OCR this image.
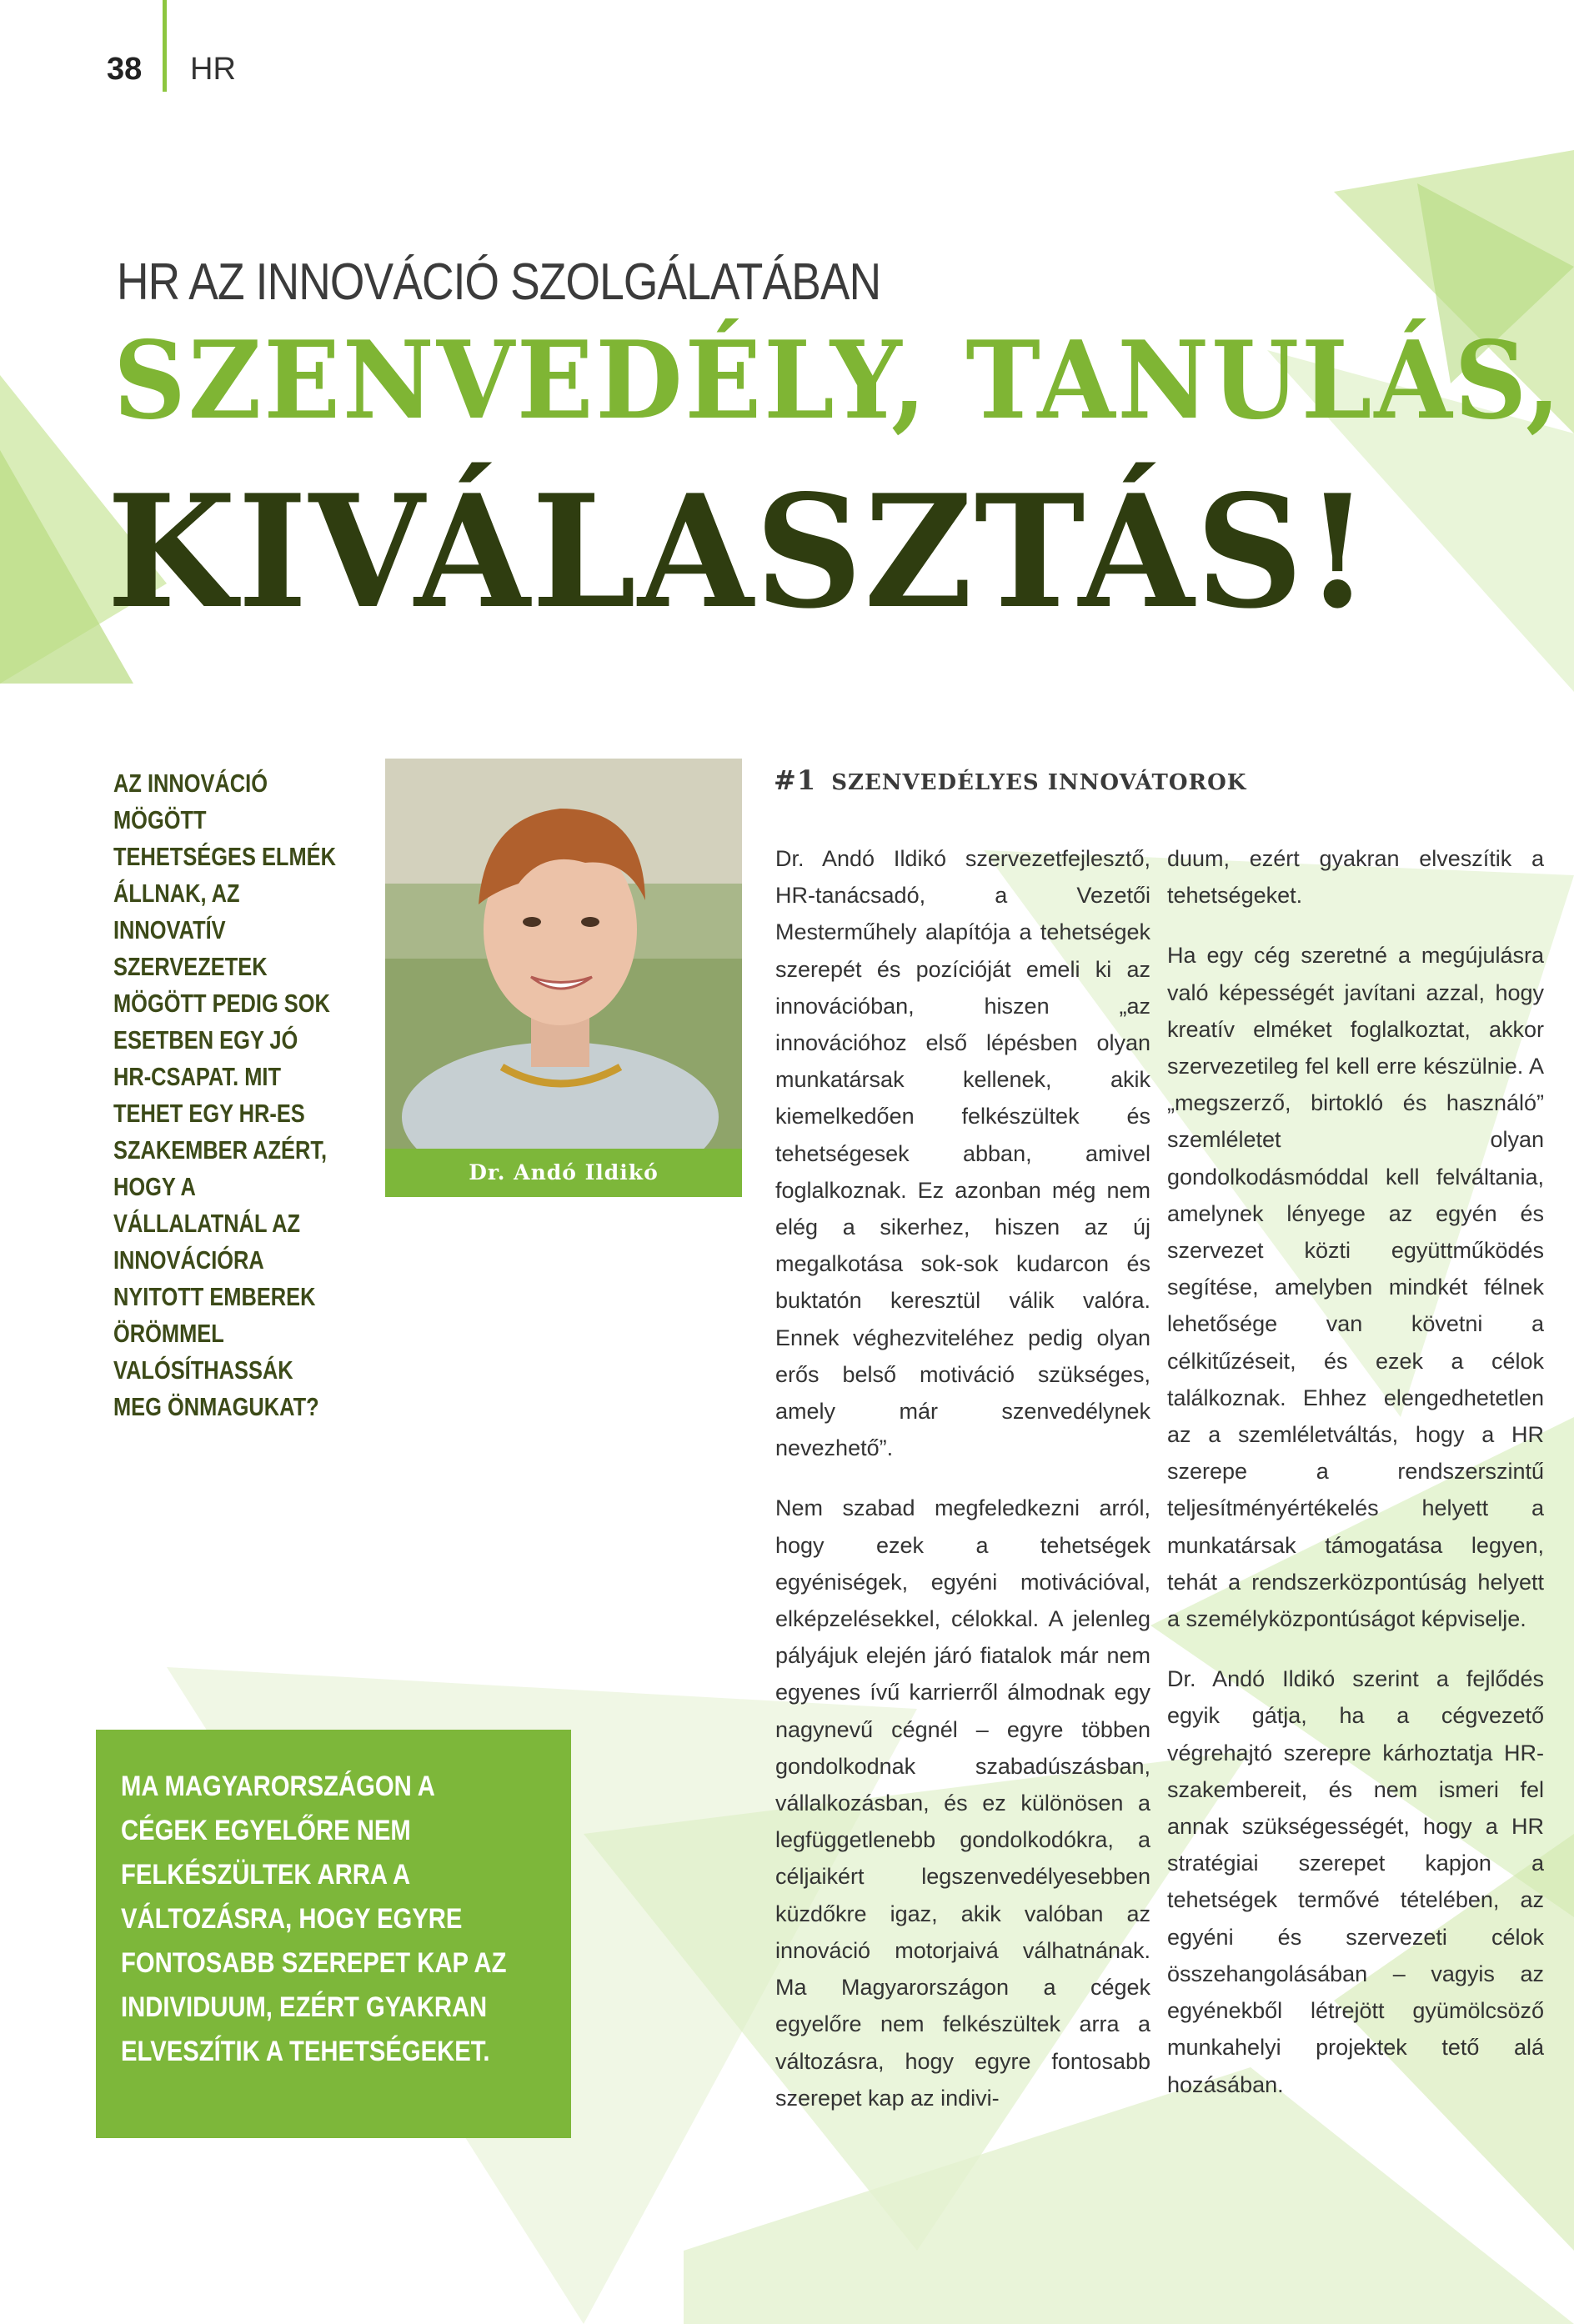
38 HR
HR AZ INNOVÁCIÓ SZOLGÁLATÁBAN
SZENVEDÉLY, TANULÁS,
KIVÁLASZTÁS!
AZ INNOVÁCIÓ MÖGÖTT TEHETSÉGES ELMÉK ÁLLNAK, AZ INNOVATÍV SZERVEZETEK MÖGÖTT PEDIG SOK ESETBEN EGY JÓ HR-CSAPAT. MIT TEHET EGY HR-ES SZAKEMBER AZÉRT, HOGY A VÁLLALATNÁL AZ INNOVÁCIÓRA NYITOTT EMBEREK ÖRÖMMEL VALÓSÍTHASSÁK MEG ÖNMAGUKAT?
Dr. Andó Ildikó
#1 SZENVEDÉLYES INNOVÁTOROK

Dr. Andó Ildikó szervezetfejlesztő, HR-tanácsadó, a Vezetői Mesterműhely alapítója a tehetségek szerepét és pozícióját emeli ki az innovációban, hiszen „az innovációhoz első lépésben olyan munkatársak kellenek, akik kiemelkedően felkészültek és tehetségesek abban, amivel foglalkoznak. Ez azonban még nem elég a sikerhez, hiszen az új megalkotása sok-sok kudarcon és buktatón keresztül válik valóra. Ennek véghezviteléhez pedig olyan erős belső motiváció szükséges, amely már szenvedélynek nevezhető”.

Nem szabad megfeledkezni arról, hogy ezek a tehetségek egyéniségek, egyéni motivációval, elképzelésekkel, célokkal. A jelenleg pályájuk elején járó fiatalok már nem egyenes ívű karrierről álmodnak egy nagynevű cégnél – egyre többen gondolkodnak szabadúszásban, vállalkozásban, és ez különösen a legfüggetlenebb gondolkodókra, a céljaikért legszenvedélyesebben küzdőkre igaz, akik valóban az innováció motorjaivá válhatnának. Ma Magyarországon a cégek egyelőre nem felkészültek arra a változásra, hogy egyre fontosabb szerepet kap az indivi-

duum, ezért gyakran elveszítik a tehetségeket.

Ha egy cég szeretné a megújulásra való képességét javítani azzal, hogy kreatív elméket foglalkoztat, akkor szervezetileg fel kell erre készülnie. A „megszerző, birtokló és használó” szemléletet olyan gondolkodásmóddal kell felváltania, amelynek lényege az egyén és szervezet közti együttműködés segítése, amelyben mindkét félnek lehetősége van követni a célkitűzéseit, és ezek a célok találkoznak. Ehhez elengedhetetlen az a szemléletváltás, hogy a HR szerepe a rendszerszintű teljesítményértékelés helyett a munkatársak támogatása legyen, tehát a rendszerközpontúság helyett a személyközpontúságot képviselje.

Dr. Andó Ildikó szerint a fejlődés egyik gátja, ha a cégvezető végrehajtó szerepre kárhoztatja HR-szakembereit, és nem ismeri fel annak szükségességét, hogy a HR stratégiai szerepet kapjon a tehetségek termővé tételében, az egyéni és szervezeti célok összehangolásában – vagyis az egyénekből létrejött gyümölcsöző munkahelyi projektek tető alá hozásában.

MA MAGYARORSZÁGON A CÉGEK EGYELŐRE NEM FELKÉSZÜLTEK ARRA A VÁLTOZÁSRA, HOGY EGYRE FONTOSABB SZEREPET KAP AZ INDIVIDUUM, EZÉRT GYAKRAN ELVESZÍTIK A TEHETSÉGEKET.
